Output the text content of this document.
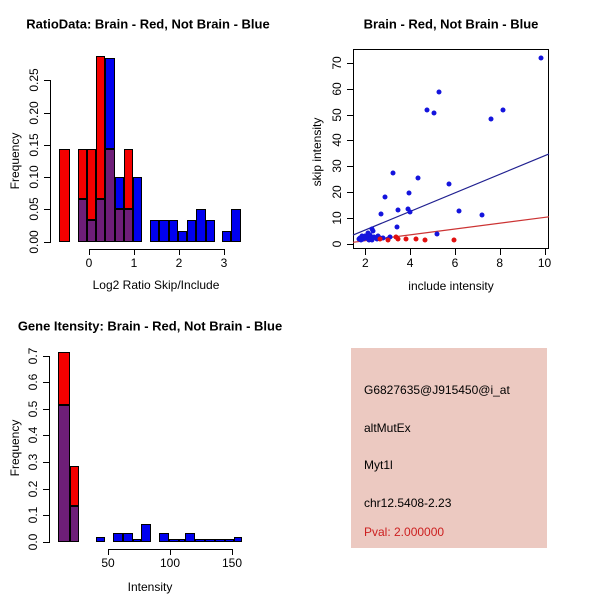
RatioData: Brain - Red, Not Brain - Blue
Frequency
Log2 Ratio Skip/Include
0.00
0.05
0.10
0.15
0.20
0.25
0	1	2	3
Brain - Red, Not Brain - Blue
skip intensity
include intensity
0
10
20
30
40
50
60
70
2	4	6	8	10
Gene Itensity: Brain - Red, Not Brain - Blue
Frequency
Intensity
0.0
0.1
0.2
0.3
0.4
0.5
0.6
0.7
50	100	150
G6827635@J915450@i_at
altMutEx
Myt1l
chr12.5408-2.23
Pval: 2.000000
